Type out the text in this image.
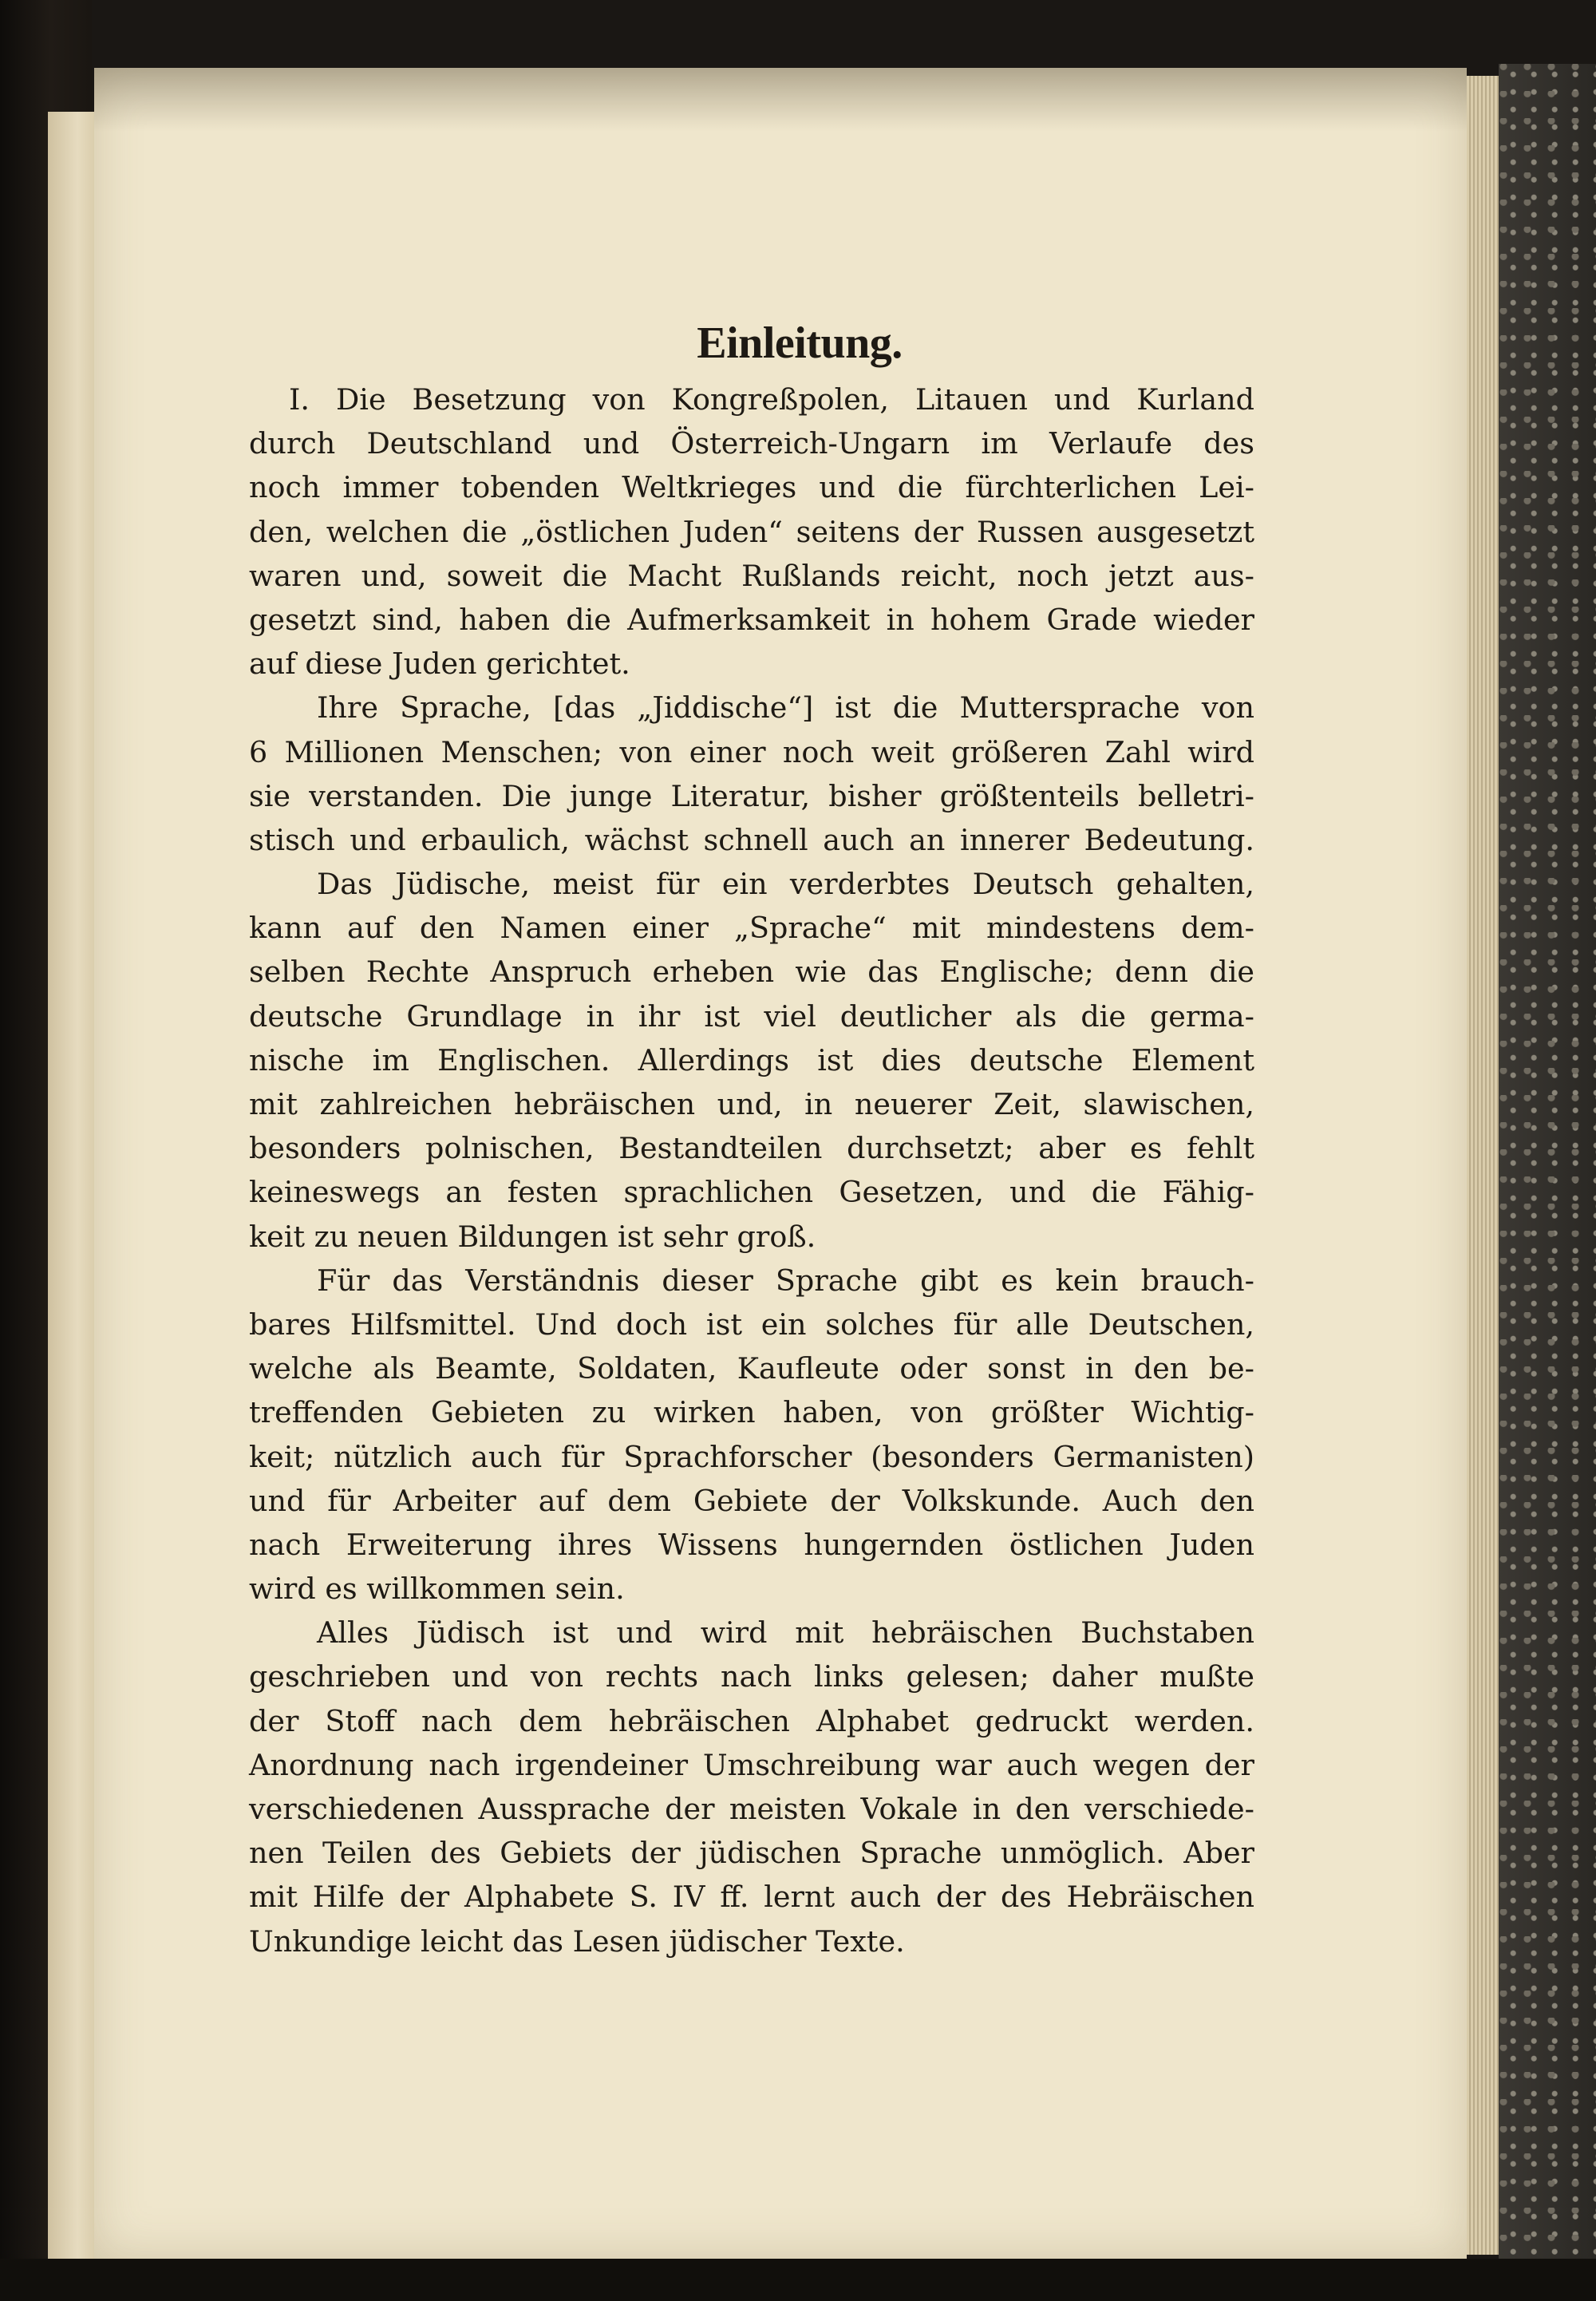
Einleitung.
I. Die Besetzung von Kongreßpolen, Litauen und Kurland
durch Deutschland und Österreich-Ungarn im Verlaufe des
noch immer tobenden Weltkrieges und die fürchterlichen Lei-
den, welchen die „östlichen Juden“ seitens der Russen ausgesetzt
waren und, soweit die Macht Rußlands reicht, noch jetzt aus-
gesetzt sind, haben die Aufmerksamkeit in hohem Grade wieder
auf diese Juden gerichtet.
Ihre Sprache, [das „Jiddische“] ist die Muttersprache von
6 Millionen Menschen; von einer noch weit größeren Zahl wird
sie verstanden. Die junge Literatur, bisher größtenteils belletri-
stisch und erbaulich, wächst schnell auch an innerer Bedeutung.
Das Jüdische, meist für ein verderbtes Deutsch gehalten,
kann auf den Namen einer „Sprache“ mit mindestens dem-
selben Rechte Anspruch erheben wie das Englische; denn die
deutsche Grundlage in ihr ist viel deutlicher als die germa-
nische im Englischen. Allerdings ist dies deutsche Element
mit zahlreichen hebräischen und, in neuerer Zeit, slawischen,
besonders polnischen, Bestandteilen durchsetzt; aber es fehlt
keineswegs an festen sprachlichen Gesetzen, und die Fähig-
keit zu neuen Bildungen ist sehr groß.
Für das Verständnis dieser Sprache gibt es kein brauch-
bares Hilfsmittel. Und doch ist ein solches für alle Deutschen,
welche als Beamte, Soldaten, Kaufleute oder sonst in den be-
treffenden Gebieten zu wirken haben, von größter Wichtig-
keit; nützlich auch für Sprachforscher (besonders Germanisten)
und für Arbeiter auf dem Gebiete der Volkskunde. Auch den
nach Erweiterung ihres Wissens hungernden östlichen Juden
wird es willkommen sein.
Alles Jüdisch ist und wird mit hebräischen Buchstaben
geschrieben und von rechts nach links gelesen; daher mußte
der Stoff nach dem hebräischen Alphabet gedruckt werden.
Anordnung nach irgendeiner Umschreibung war auch wegen der
verschiedenen Aussprache der meisten Vokale in den verschiede-
nen Teilen des Gebiets der jüdischen Sprache unmöglich. Aber
mit Hilfe der Alphabete S. IV ff. lernt auch der des Hebräischen
Unkundige leicht das Lesen jüdischer Texte.
